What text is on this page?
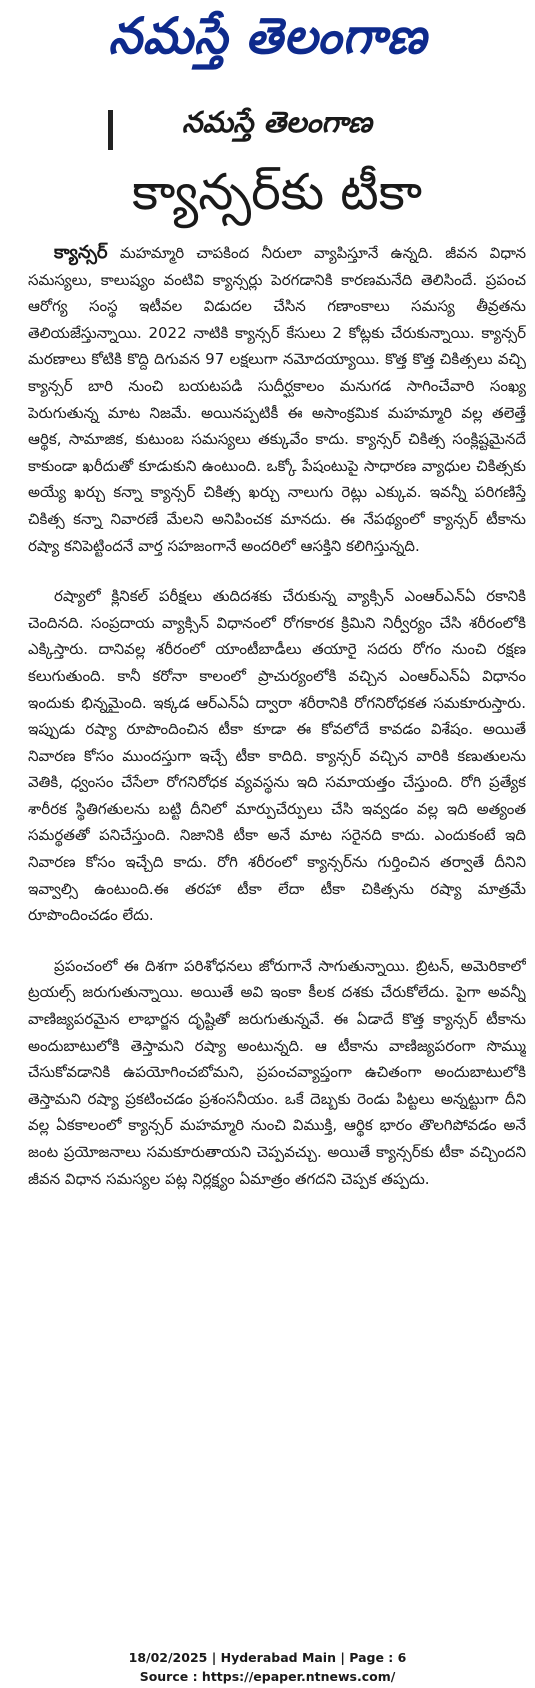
నమస్తే తెలంగాణ
నమస్తే తెలంగాణ
క్యాన్సర్‌కు టీకా

క్యాన్సర్ మహమ్మారి చాపకింద నీరులా వ్యాపిస్తూనే ఉన్నది. జీవన విధాన సమస్యలు, కాలుష్యం వంటివి క్యాన్సర్లు పెరగడానికి కారణమనేది తెలిసిందే. ప్రపంచ ఆరోగ్య సంస్థ ఇటీవల విడుదల చేసిన గణాంకాలు సమస్య తీవ్రతను తెలియజేస్తున్నాయి. 2022 నాటికి క్యాన్సర్ కేసులు 2 కోట్లకు చేరుకున్నాయి. క్యాన్సర్ మరణాలు కోటికి కొద్ది దిగువన 97 లక్షలుగా నమోదయ్యాయి. కొత్త కొత్త చికిత్సలు వచ్చి క్యాన్సర్ బారి నుంచి బయటపడి సుదీర్ఘకాలం మనుగడ సాగించేవారి సంఖ్య పెరుగుతున్న మాట నిజమే. అయినప్పటికీ ఈ అసాంక్రమిక మహమ్మారి వల్ల తలెత్తే ఆర్థిక, సామాజిక, కుటుంబ సమస్యలు తక్కువేం కాదు. క్యాన్సర్ చికిత్స సంక్లిష్టమైనదే కాకుండా ఖరీదుతో కూడుకుని ఉంటుంది. ఒక్కో పేషంటుపై సాధారణ వ్యాధుల చికిత్సకు అయ్యే ఖర్చు కన్నా క్యాన్సర్ చికిత్స ఖర్చు నాలుగు రెట్లు ఎక్కువ. ఇవన్నీ పరిగణిస్తే చికిత్స కన్నా నివారణే మేలని అనిపించక మానదు. ఈ నేపథ్యంలో క్యాన్సర్ టీకాను రష్యా కనిపెట్టిందనే వార్త సహజంగానే అందరిలో ఆసక్తిని కలిగిస్తున్నది.

రష్యాలో క్లినికల్ పరీక్షలు తుదిదశకు చేరుకున్న వ్యాక్సిన్ ఎంఆర్ఎన్ఏ రకానికి చెందినది. సంప్రదాయ వ్యాక్సిన్ విధానంలో రోగకారక క్రిమిని నిర్వీర్యం చేసి శరీరంలోకి ఎక్కిస్తారు. దానివల్ల శరీరంలో యాంటీబాడీలు తయారై సదరు రోగం నుంచి రక్షణ కలుగుతుంది. కానీ కరోనా కాలంలో ప్రాచుర్యంలోకి వచ్చిన ఎంఆర్ఎన్ఏ విధానం ఇందుకు భిన్నమైంది. ఇక్కడ ఆర్ఎన్ఏ ద్వారా శరీరానికి రోగనిరోధకత సమకూరుస్తారు. ఇప్పుడు రష్యా రూపొందించిన టీకా కూడా ఈ కోవలోదే కావడం విశేషం. అయితే నివారణ కోసం ముందస్తుగా ఇచ్చే టీకా కాదిది. క్యాన్సర్ వచ్చిన వారికి కణుతులను వెతికి, ధ్వంసం చేసేలా రోగనిరోధక వ్యవస్థను ఇది సమాయత్తం చేస్తుంది. రోగి ప్రత్యేక శారీరక స్థితిగతులను బట్టి దీనిలో మార్పుచేర్పులు చేసి ఇవ్వడం వల్ల ఇది అత్యంత సమర్థతతో పనిచేస్తుంది. నిజానికి టీకా అనే మాట సరైనది కాదు. ఎందుకంటే ఇది నివారణ కోసం ఇచ్చేది కాదు. రోగి శరీరంలో క్యాన్సర్‌ను గుర్తించిన తర్వాతే దీనిని ఇవ్వాల్సి ఉంటుంది.ఈ తరహా టీకా లేదా టీకా చికిత్సను రష్యా మాత్రమే రూపొందించడం లేదు.

ప్రపంచంలో ఈ దిశగా పరిశోధనలు జోరుగానే సాగుతున్నాయి. బ్రిటన్, అమెరికాలో ట్రయల్స్ జరుగుతున్నాయి. అయితే అవి ఇంకా కీలక దశకు చేరుకోలేదు. పైగా అవన్నీ వాణిజ్యపరమైన లాభార్జన దృష్టితో జరుగుతున్నవే. ఈ ఏడాదే కొత్త క్యాన్సర్ టీకాను అందుబాటులోకి తెస్తామని రష్యా అంటున్నది. ఆ టీకాను వాణిజ్యపరంగా సొమ్ము చేసుకోవడానికి ఉపయోగించబోమని, ప్రపంచవ్యాప్తంగా ఉచితంగా అందుబాటులోకి తెస్తామని రష్యా ప్రకటించడం ప్రశంసనీయం. ఒకే దెబ్బకు రెండు పిట్టలు అన్నట్టుగా దీని వల్ల ఏకకాలంలో క్యాన్సర్ మహమ్మారి నుంచి విముక్తి, ఆర్థిక భారం తొలగిపోవడం అనే జంట ప్రయోజనాలు సమకూరుతాయని చెప్పవచ్చు. అయితే క్యాన్సర్‌కు టీకా వచ్చిందని జీవన విధాన సమస్యల పట్ల నిర్లక్ష్యం ఏమాత్రం తగదని చెప్పక తప్పదు.

18/02/2025 | Hyderabad Main | Page : 6
Source : https://epaper.ntnews.com/
